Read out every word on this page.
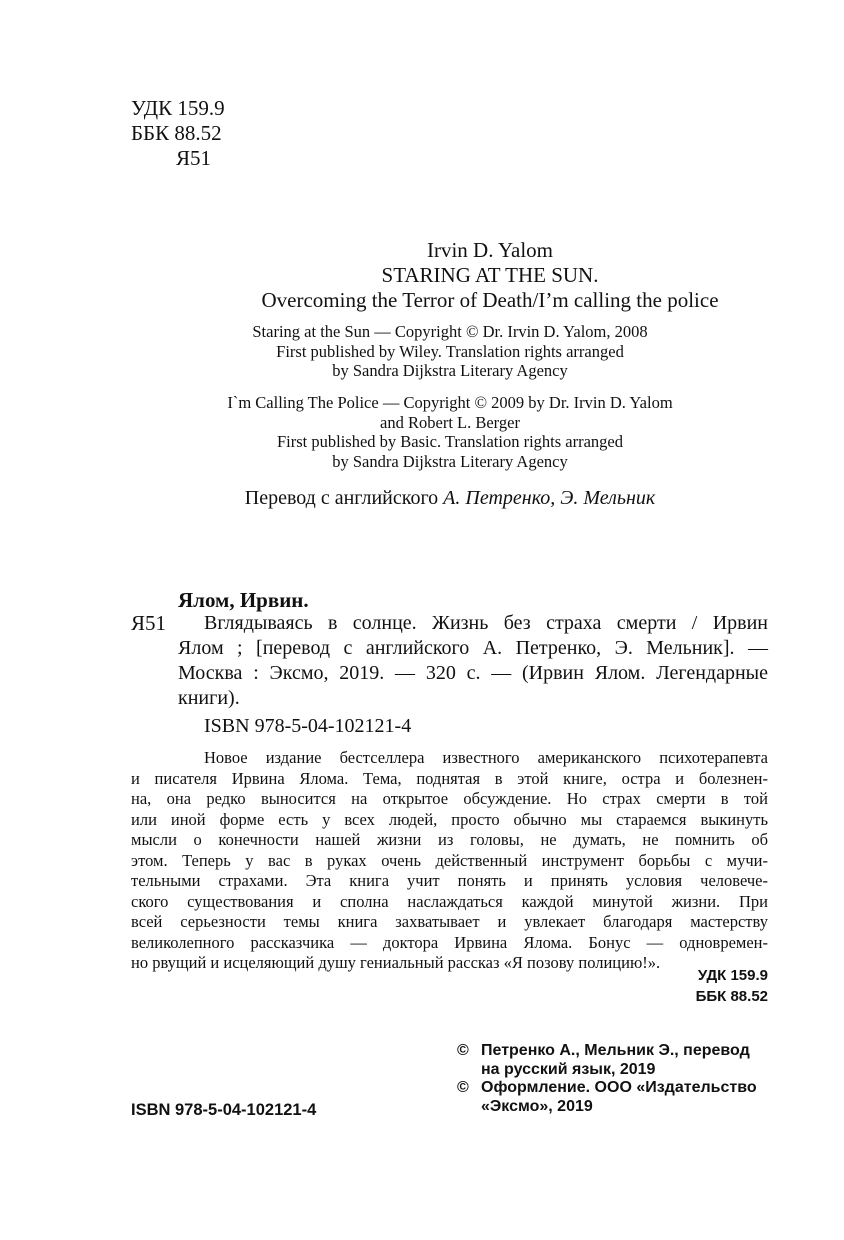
УДК 159.9
ББК 88.52
Я51
Irvin D. Yalom
STARING AT THE SUN.
Overcoming the Terror of Death/I’m calling the police
Staring at the Sun — Copyright © Dr. Irvin D. Yalom, 2008
First published by Wiley. Translation rights arranged
by Sandra Dijkstra Literary Agency
I`m Calling The Police — Copyright © 2009 by Dr. Irvin D. Yalom
and Robert L. Berger
First published by Basic. Translation rights arranged
by Sandra Dijkstra Literary Agency
Перевод с английского А. Петренко, Э. Мельник
Ялом, Ирвин.
Я51	Вглядываясь в солнце. Жизнь без страха смерти / Ирвин
Ялом ; [перевод с английского А. Петренко, Э. Мельник]. —
Москва : Эксмо, 2019. — 320 с. — (Ирвин Ялом. Легендарные
книги).
ISBN 978-5-04-102121-4
Новое издание бестселлера известного американского психотерапевта
и писателя Ирвина Ялома. Тема, поднятая в этой книге, остра и болезнен-
на, она редко выносится на открытое обсуждение. Но страх смерти в той
или иной форме есть у всех людей, просто обычно мы стараемся выкинуть
мысли о конечности нашей жизни из головы, не думать, не помнить об
этом. Теперь у вас в руках очень действенный инструмент борьбы с мучи-
тельными страхами. Эта книга учит понять и принять условия человече-
ского существования и сполна наслаждаться каждой минутой жизни. При
всей серьезности темы книга захватывает и увлекает благодаря мастерству
великолепного рассказчика — доктора Ирвина Ялома. Бонус — одновремен-
но рвущий и исцеляющий душу гениальный рассказ «Я позову полицию!».
УДК 159.9
ББК 88.52
ISBN 978-5-04-102121-4
© Петренко А., Мельник Э., перевод
на русский язык, 2019
© Оформление. ООО «Издательство
«Эксмо», 2019
